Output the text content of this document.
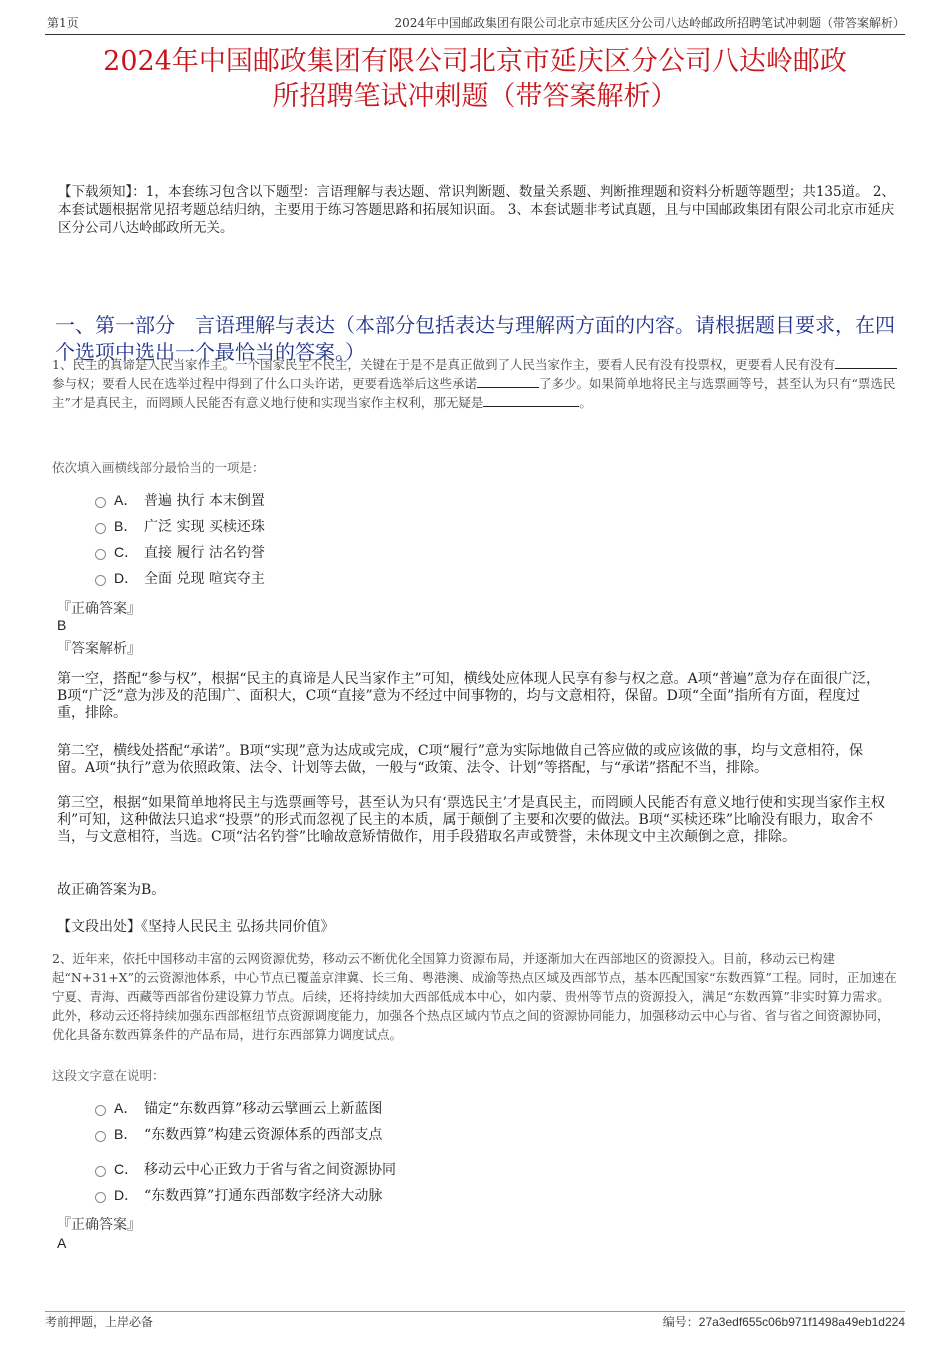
第1页	2024年中国邮政集团有限公司北京市延庆区分公司八达岭邮政所招聘笔试冲刺题（带答案解析）
2024年中国邮政集团有限公司北京市延庆区分公司八达岭邮政
所招聘笔试冲刺题（带答案解析）
【下载须知】：1，本套练习包含以下题型：言语理解与表达题、常识判断题、数量关系题、判断推理题和资料分析题等题型；共135道。 2、本套试题根据常见招考题总结归纳，主要用于练习答题思路和拓展知识面。 3、本套试题非考试真题，且与中国邮政集团有限公司北京市延庆区分公司八达岭邮政所无关。
一、第一部分　言语理解与表达（本部分包括表达与理解两方面的内容。请根据题目要求，在四个选项中选出一个最恰当的答案。）
1、民主的真谛是人民当家作主。一个国家民主不民主，关键在于是不是真正做到了人民当家作主，要看人民有没有投票权，更要看人民有没有参与权；要看人民在选举过程中得到了什么口头许诺，更要看选举后这些承诺	了多少。如果简单地将民主与选票画等号，甚至认为只有“票选民主”才是真民主，而罔顾人民能否有意义地行使和实现当家作主权利，那无疑是	。
依次填入画横线部分最恰当的一项是：
A． 普遍 执行 本末倒置
B． 广泛 实现 买椟还珠
C． 直接 履行 沽名钓誉
D． 全面 兑现 喧宾夺主
『正确答案』
B
『答案解析』
第一空，搭配“参与权”，根据“民主的真谛是人民当家作主”可知，横线处应体现人民享有参与权之意。A项“普遍”意为存在面很广泛，B项“广泛”意为涉及的范围广、面积大，C项“直接”意为不经过中间事物的，均与文意相符，保留。D项“全面”指所有方面，程度过重，排除。
第二空，横线处搭配“承诺”。B项“实现”意为达成或完成，C项“履行”意为实际地做自己答应做的或应该做的事，均与文意相符，保留。A项“执行”意为依照政策、法令、计划等去做，一般与“政策、法令、计划”等搭配，与“承诺”搭配不当，排除。
第三空，根据“如果简单地将民主与选票画等号，甚至认为只有‘票选民主’才是真民主，而罔顾人民能否有意义地行使和实现当家作主权利”可知，这种做法只追求“投票”的形式而忽视了民主的本质，属于颠倒了主要和次要的做法。B项“买椟还珠”比喻没有眼力，取舍不当，与文意相符，当选。C项“沽名钓誉”比喻故意矫情做作，用手段猎取名声或赞誉，未体现文中主次颠倒之意，排除。
故正确答案为B。
【文段出处】《坚持人民民主 弘扬共同价值》
2、近年来，依托中国移动丰富的云网资源优势，移动云不断优化全国算力资源布局，并逐渐加大在西部地区的资源投入。目前，移动云已构建起“N+31+X”的云资源池体系，中心节点已覆盖京津冀、长三角、粤港澳、成渝等热点区域及西部节点，基本匹配国家“东数西算”工程。同时，正加速在宁夏、青海、西藏等西部省份建设算力节点。后续，还将持续加大西部低成本中心，如内蒙、贵州等节点的资源投入，满足“东数西算”非实时算力需求。此外，移动云还将持续加强东西部枢纽节点资源调度能力，加强各个热点区域内节点之间的资源协同能力，加强移动云中心与省、省与省之间资源协同，优化具备东数西算条件的产品布局，进行东西部算力调度试点。
这段文字意在说明：
A． 锚定“东数西算”移动云擘画云上新蓝图
B． “东数西算”构建云资源体系的西部支点
C． 移动云中心正致力于省与省之间资源协同
D． “东数西算”打通东西部数字经济大动脉
『正确答案』
A
考前押题，上岸必备	编号：27a3edf655c06b971f1498a49eb1d224
